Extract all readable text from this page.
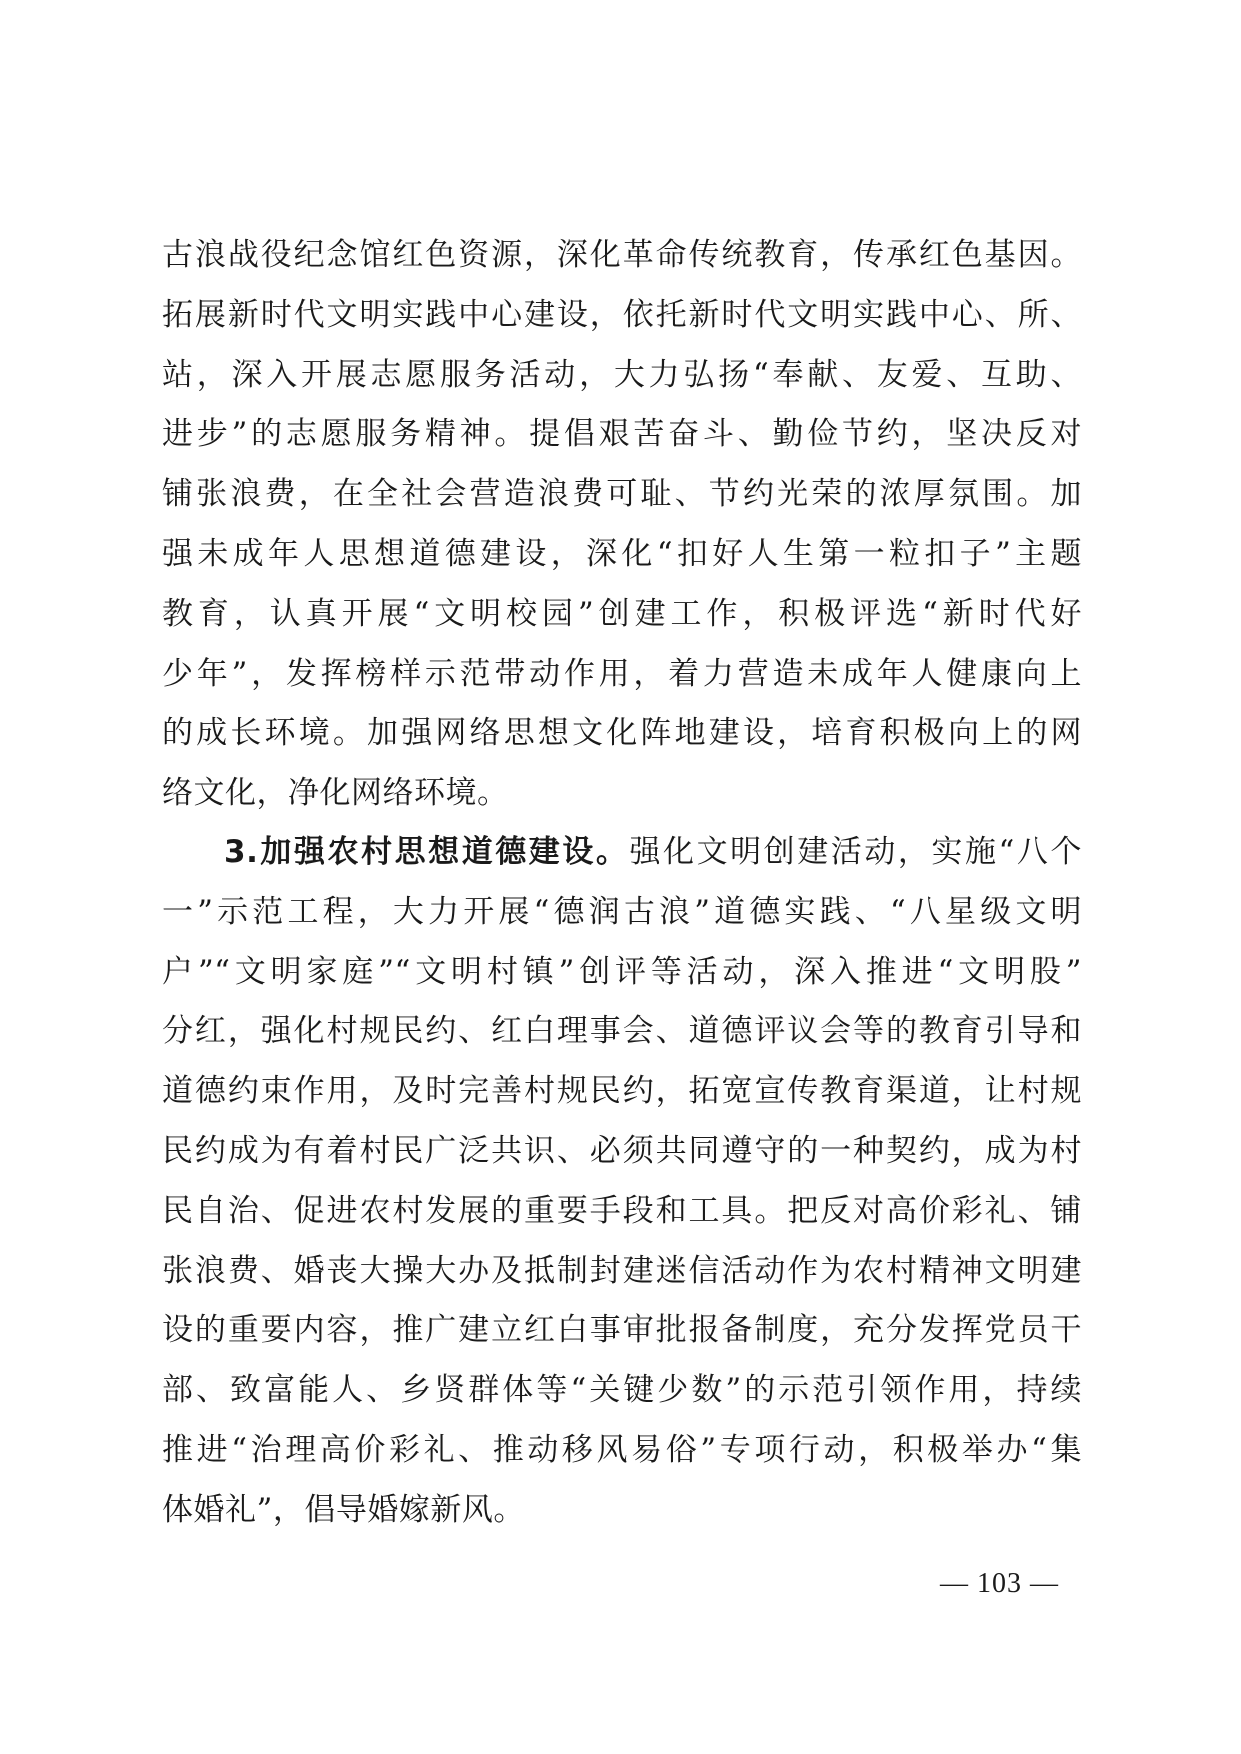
古浪战役纪念馆红色资源，深化革命传统教育，传承红色基因。
拓展新时代文明实践中心建设，依托新时代文明实践中心、所、
站，深入开展志愿服务活动，大力弘扬“奉献、友爱、互助、
进步”的志愿服务精神。提倡艰苦奋斗、勤俭节约，坚决反对
铺张浪费，在全社会营造浪费可耻、节约光荣的浓厚氛围。加
强未成年人思想道德建设，深化“扣好人生第一粒扣子”主题
教育，认真开展“文明校园”创建工作，积极评选“新时代好
少年”，发挥榜样示范带动作用，着力营造未成年人健康向上
的成长环境。加强网络思想文化阵地建设，培育积极向上的网
络文化，净化网络环境。
3.加强农村思想道德建设。强化文明创建活动，实施“八个
一”示范工程，大力开展“德润古浪”道德实践、“八星级文明
户”“文明家庭”“文明村镇”创评等活动，深入推进“文明股”
分红，强化村规民约、红白理事会、道德评议会等的教育引导和
道德约束作用，及时完善村规民约，拓宽宣传教育渠道，让村规
民约成为有着村民广泛共识、必须共同遵守的一种契约，成为村
民自治、促进农村发展的重要手段和工具。把反对高价彩礼、铺
张浪费、婚丧大操大办及抵制封建迷信活动作为农村精神文明建
设的重要内容，推广建立红白事审批报备制度，充分发挥党员干
部、致富能人、乡贤群体等“关键少数”的示范引领作用，持续
推进“治理高价彩礼、推动移风易俗”专项行动，积极举办“集
体婚礼”，倡导婚嫁新风。
— 103 —
